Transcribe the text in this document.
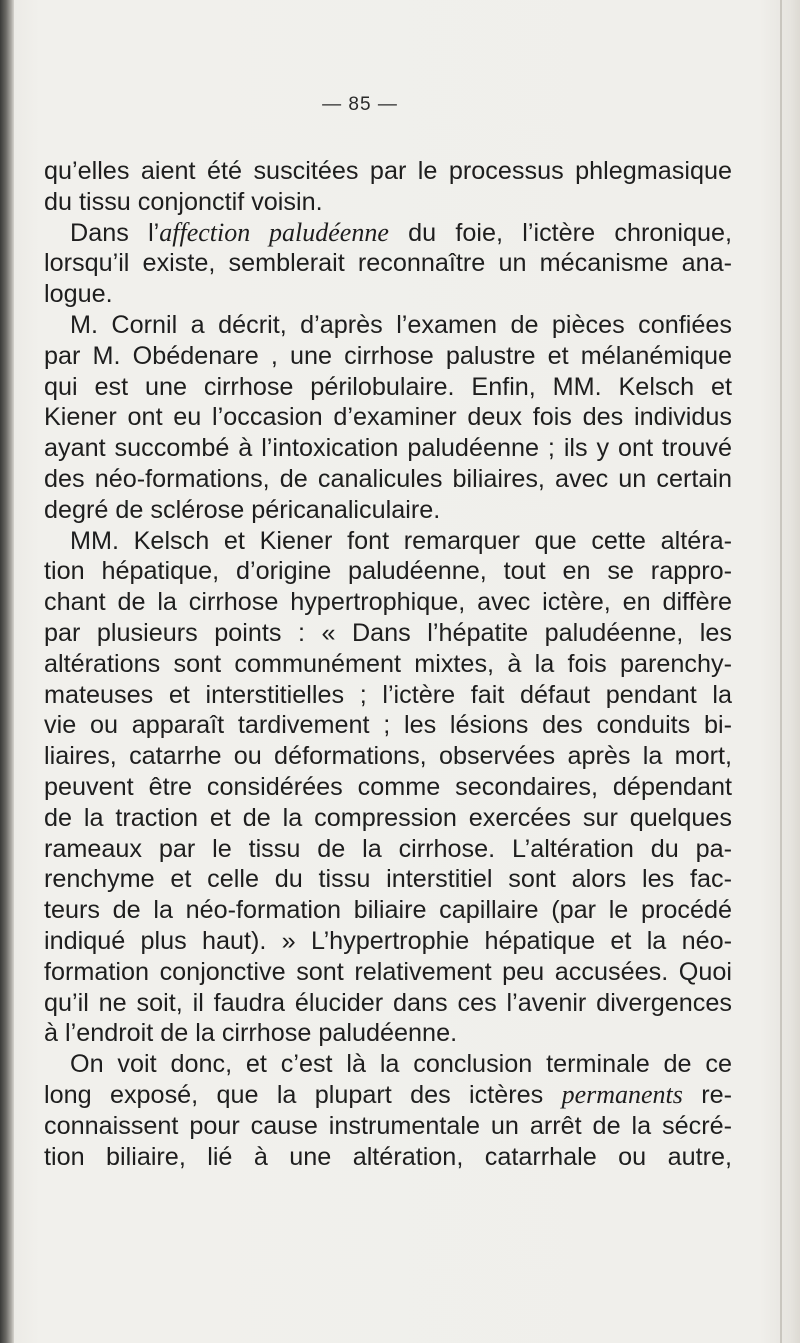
— 85 —

qu’elles aient été suscitées par le processus phlegmasique

du tissu conjonctif voisin.

Dans l’affection paludéenne du foie, l’ictère chronique,

lorsqu’il existe, semblerait reconnaître un mécanisme ana-

logue.

M. Cornil a décrit, d’après l’examen de pièces confiées

par M. Obédenare , une cirrhose palustre et mélanémique

qui est une cirrhose périlobulaire. Enfin, MM. Kelsch et

Kiener ont eu l’occasion d’examiner deux fois des individus

ayant succombé à l’intoxication paludéenne ; ils y ont trouvé

des néo-formations, de canalicules biliaires, avec un certain

degré de sclérose péricanaliculaire.

MM. Kelsch et Kiener font remarquer que cette altéra-

tion hépatique, d’origine paludéenne, tout en se rappro-

chant de la cirrhose hypertrophique, avec ictère, en diffère

par plusieurs points : « Dans l’hépatite paludéenne, les

altérations sont communément mixtes, à la fois parenchy-

mateuses et interstitielles ; l’ictère fait défaut pendant la

vie ou apparaît tardivement ; les lésions des conduits bi-

liaires, catarrhe ou déformations, observées après la mort,

peuvent être considérées comme secondaires, dépendant

de la traction et de la compression exercées sur quelques

rameaux par le tissu de la cirrhose. L’altération du pa-

renchyme et celle du tissu interstitiel sont alors les fac-

teurs de la néo-formation biliaire capillaire (par le procédé

indiqué plus haut). » L’hypertrophie hépatique et la néo-

formation conjonctive sont relativement peu accusées. Quoi

qu’il ne soit, il faudra élucider dans ces l’avenir divergences

à l’endroit de la cirrhose paludéenne.

On voit donc, et c’est là la conclusion terminale de ce

long exposé, que la plupart des ictères permanents re-

connaissent pour cause instrumentale un arrêt de la sécré-

tion biliaire, lié à une altération, catarrhale ou autre,
